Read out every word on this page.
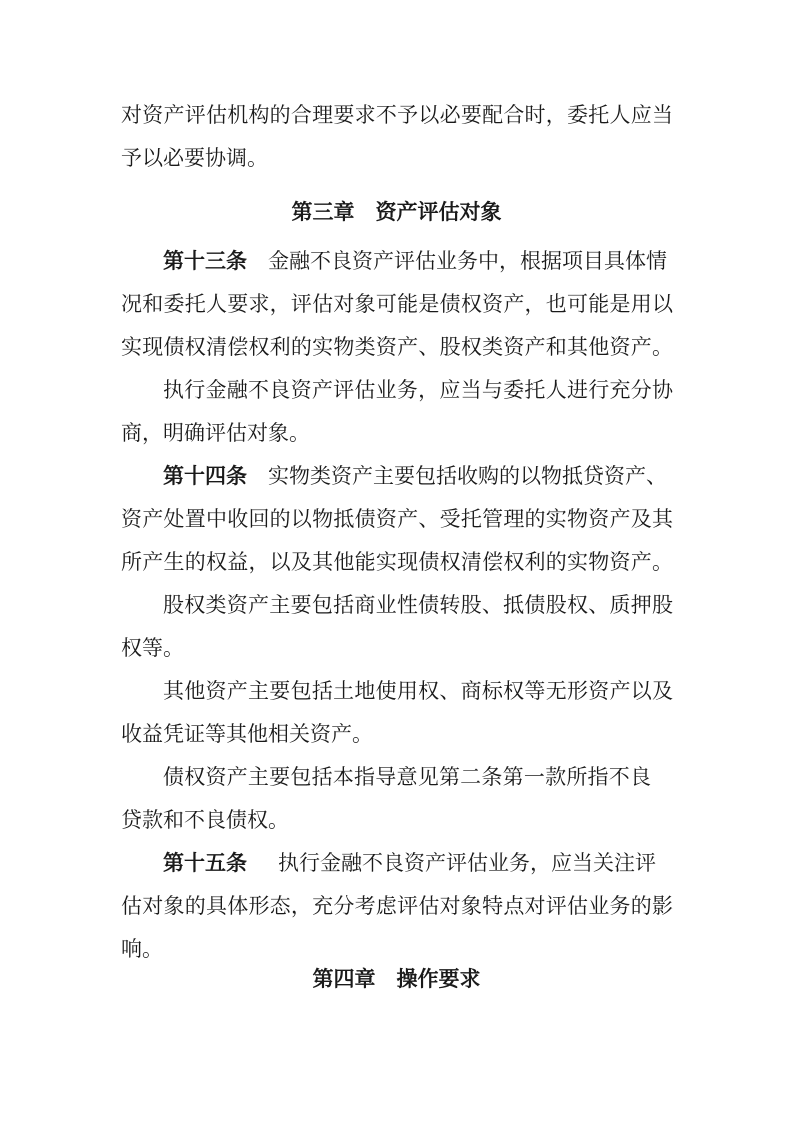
对资产评估机构的合理要求不予以必要配合时，委托人应当
予以必要协调。
第三章　资产评估对象
第十三条 金融不良资产评估业务中，根据项目具体情
况和委托人要求，评估对象可能是债权资产，也可能是用以
实现债权清偿权利的实物类资产、股权类资产和其他资产。
执行金融不良资产评估业务，应当与委托人进行充分协
商，明确评估对象。
第十四条 实物类资产主要包括收购的以物抵贷资产、
资产处置中收回的以物抵债资产、受托管理的实物资产及其
所产生的权益，以及其他能实现债权清偿权利的实物资产。
股权类资产主要包括商业性债转股、抵债股权、质押股
权等。
其他资产主要包括土地使用权、商标权等无形资产以及
收益凭证等其他相关资产。
债权资产主要包括本指导意见第二条第一款所指不良
贷款和不良债权。
第十五条 执行金融不良资产评估业务，应当关注评
估对象的具体形态，充分考虑评估对象特点对评估业务的影
响。
第四章　操作要求
